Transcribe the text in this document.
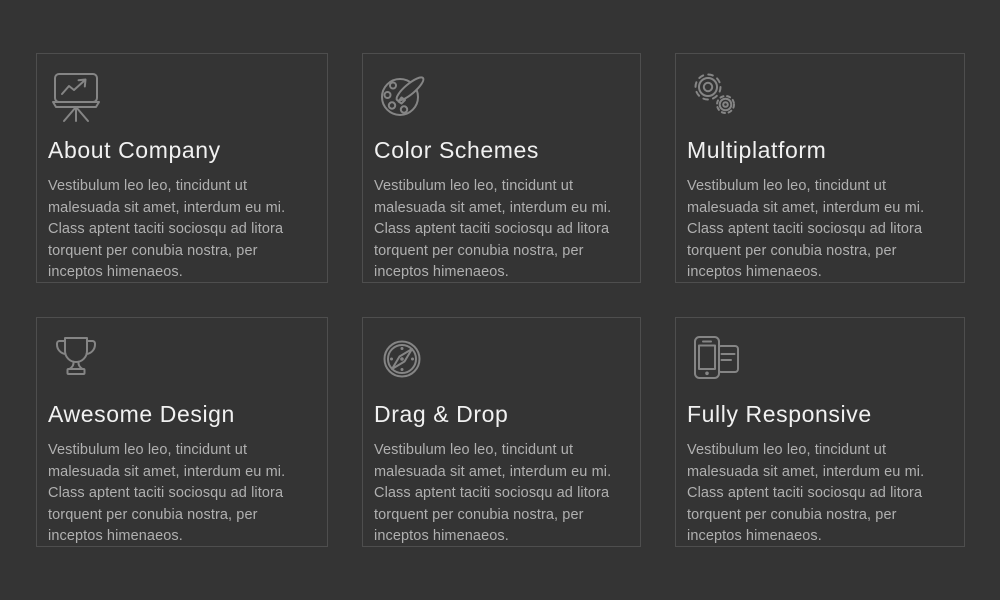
About Company

Vestibulum leo leo, tincidunt ut malesuada sit amet, interdum eu mi. Class aptent taciti sociosqu ad litora torquent per conubia nostra, per inceptos himenaeos.

Color Schemes

Vestibulum leo leo, tincidunt ut malesuada sit amet, interdum eu mi. Class aptent taciti sociosqu ad litora torquent per conubia nostra, per inceptos himenaeos.

Multiplatform

Vestibulum leo leo, tincidunt ut malesuada sit amet, interdum eu mi. Class aptent taciti sociosqu ad litora torquent per conubia nostra, per inceptos himenaeos.

Awesome Design

Vestibulum leo leo, tincidunt ut malesuada sit amet, interdum eu mi. Class aptent taciti sociosqu ad litora torquent per conubia nostra, per inceptos himenaeos.

Drag & Drop

Vestibulum leo leo, tincidunt ut malesuada sit amet, interdum eu mi. Class aptent taciti sociosqu ad litora torquent per conubia nostra, per inceptos himenaeos.

Fully Responsive

Vestibulum leo leo, tincidunt ut malesuada sit amet, interdum eu mi. Class aptent taciti sociosqu ad litora torquent per conubia nostra, per inceptos himenaeos.
